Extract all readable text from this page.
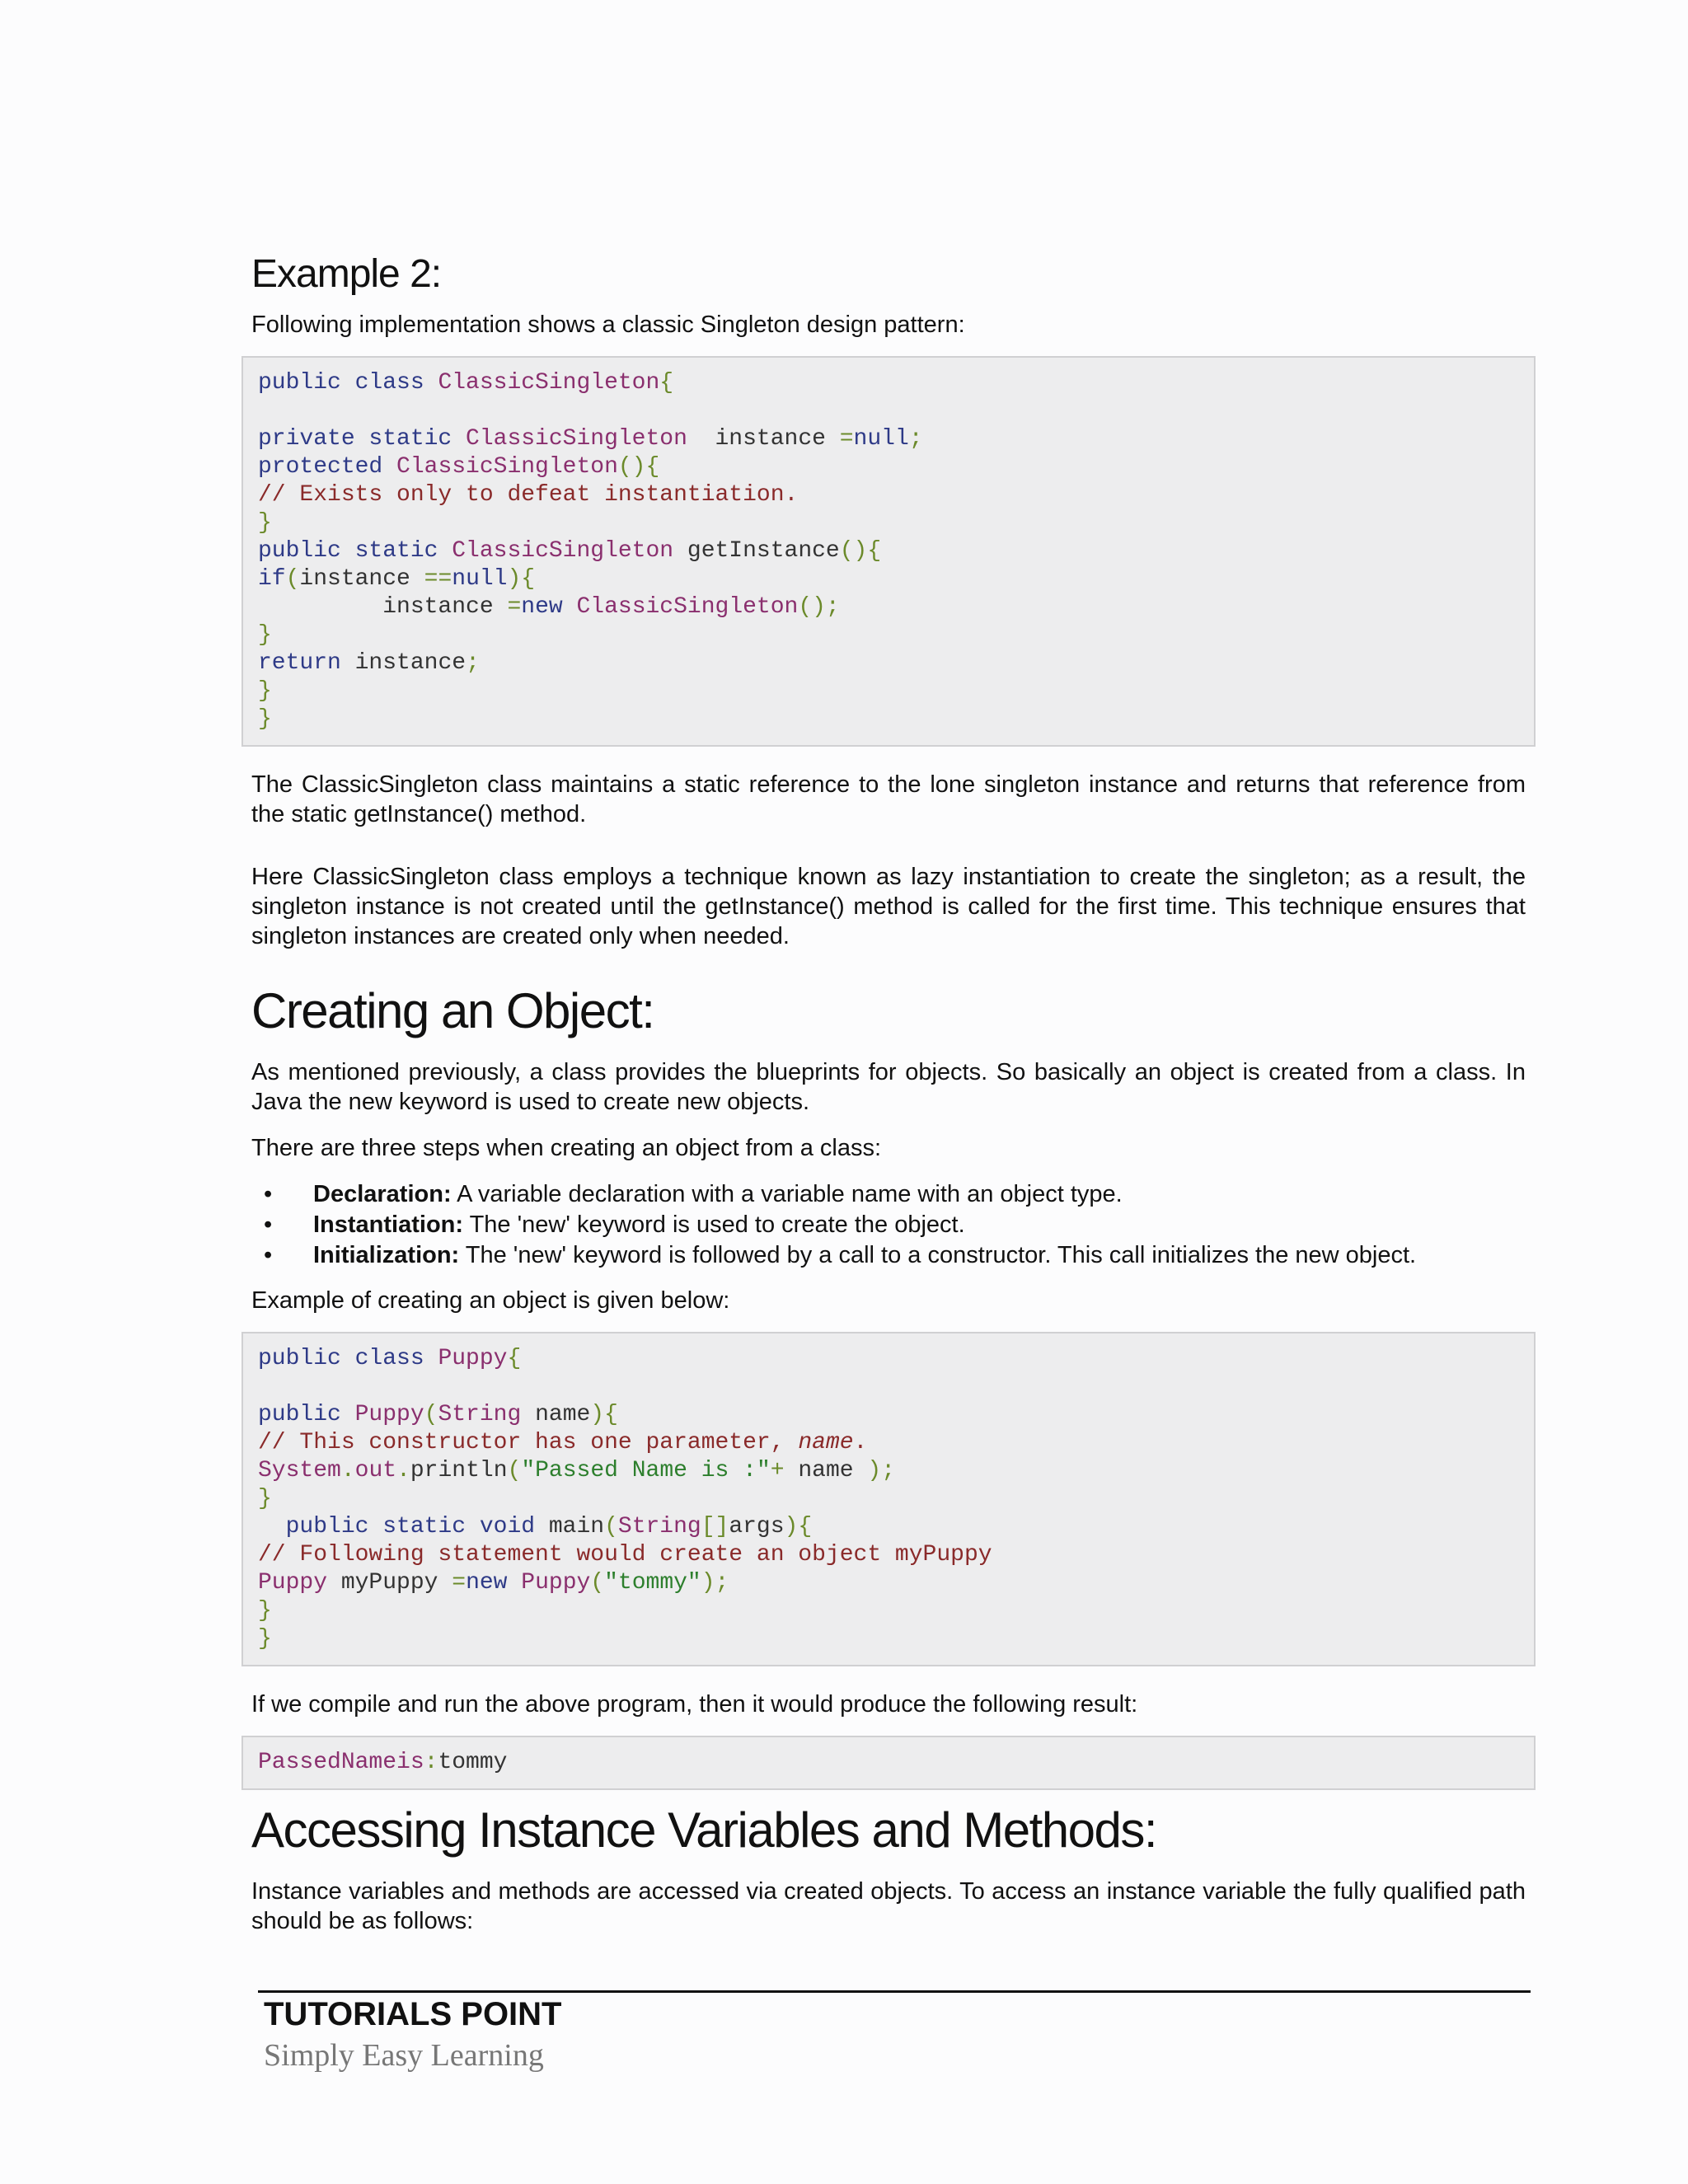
Example 2:

Following implementation shows a classic Singleton design pattern:

public class ClassicSingleton{
private static ClassicSingleton  instance =null;
protected ClassicSingleton(){
// Exists only to defeat instantiation.
}
public static ClassicSingleton getInstance(){
if(instance ==null){
instance =new ClassicSingleton();
}
return instance;
}
}

The ClassicSingleton class maintains a static reference to the lone singleton instance and returns that reference from the static getInstance() method.

Here ClassicSingleton class employs a technique known as lazy instantiation to create the singleton; as a result, the singleton instance is not created until the getInstance() method is called for the first time. This technique ensures that singleton instances are created only when needed.

Creating an Object:

As mentioned previously, a class provides the blueprints for objects. So basically an object is created from a class. In Java the new keyword is used to create new objects.

There are three steps when creating an object from a class:

• Declaration: A variable declaration with a variable name with an object type.
• Instantiation: The 'new' keyword is used to create the object.
• Initialization: The 'new' keyword is followed by a call to a constructor. This call initializes the new object.

Example of creating an object is given below:

public class Puppy{
public Puppy(String name){
// This constructor has one parameter, name.
System.out.println("Passed Name is :"+ name );
}
public static void main(String[]args){
// Following statement would create an object myPuppy
Puppy myPuppy =new Puppy("tommy");
}
}

If we compile and run the above program, then it would produce the following result:

PassedNameis:tommy
Accessing Instance Variables and Methods:

Instance variables and methods are accessed via created objects. To access an instance variable the fully qualified path should be as follows:

TUTORIALS POINT
Simply Easy Learning
